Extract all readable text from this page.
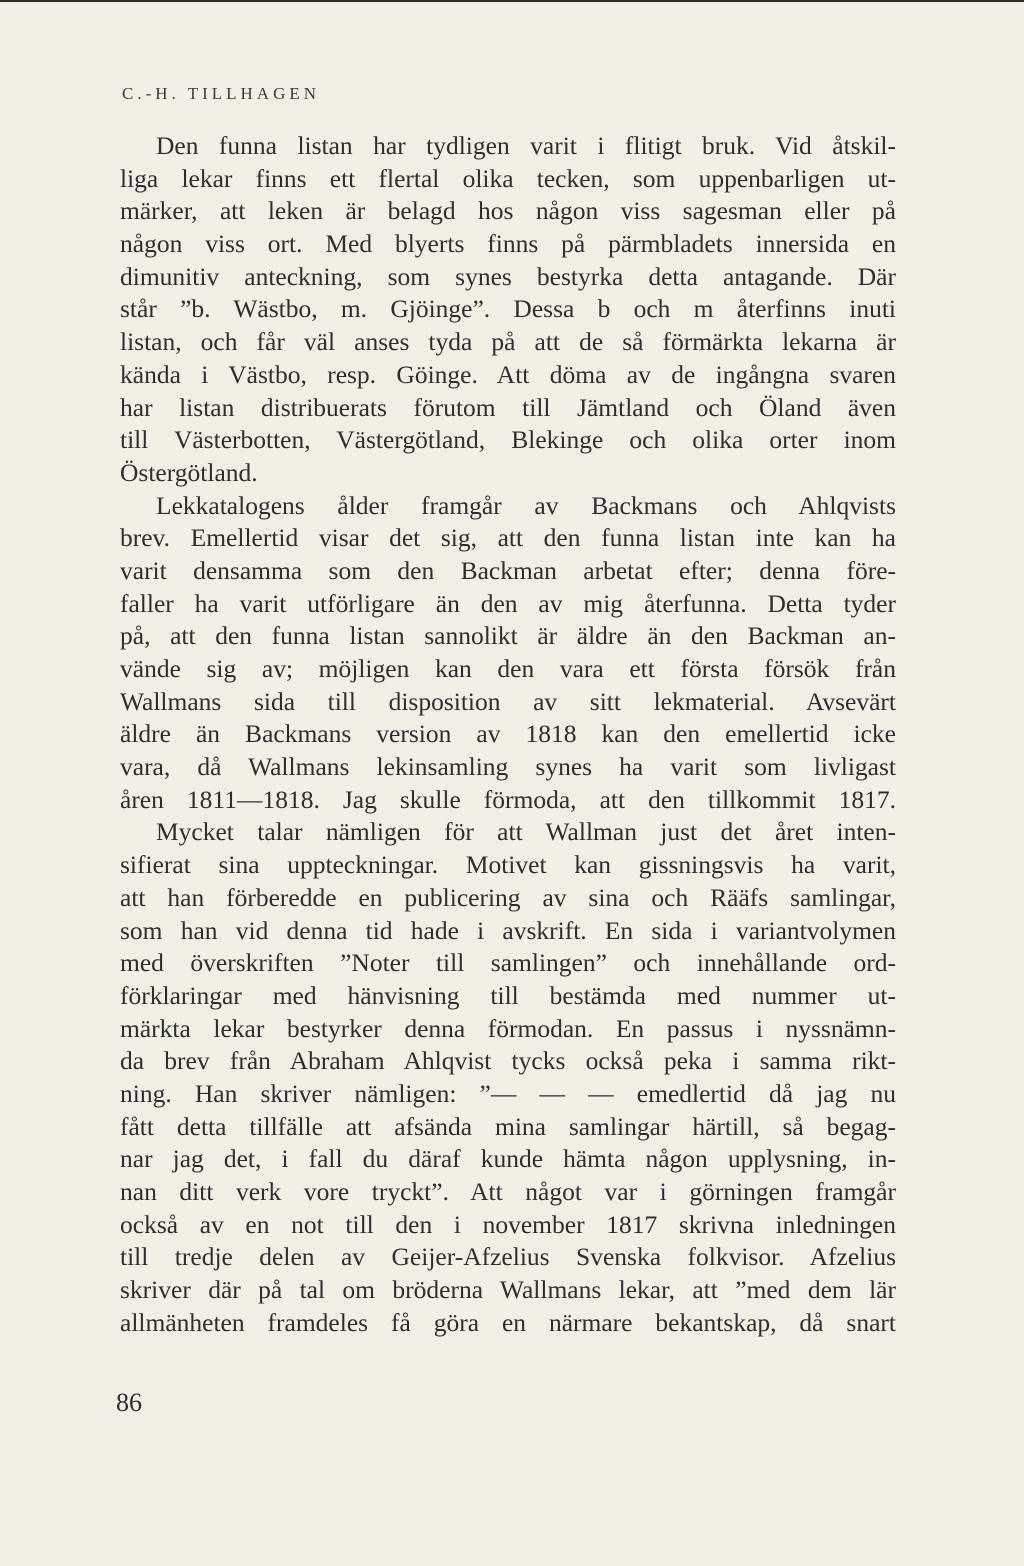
C.-H. TILLHAGEN
Den funna listan har tydligen varit i flitigt bruk. Vid åtskil-
liga lekar finns ett flertal olika tecken, som uppenbarligen ut-
märker, att leken är belagd hos någon viss sagesman eller på
någon viss ort. Med blyerts finns på pärmbladets innersida en
dimunitiv anteckning, som synes bestyrka detta antagande. Där
står ”b. Wästbo, m. Gjöinge”. Dessa b och m återfinns inuti
listan, och får väl anses tyda på att de så förmärkta lekarna är
kända i Västbo, resp. Göinge. Att döma av de ingångna svaren
har listan distribuerats förutom till Jämtland och Öland även
till Västerbotten, Västergötland, Blekinge och olika orter inom
Östergötland.
Lekkatalogens ålder framgår av Backmans och Ahlqvists
brev. Emellertid visar det sig, att den funna listan inte kan ha
varit densamma som den Backman arbetat efter; denna före-
faller ha varit utförligare än den av mig återfunna. Detta tyder
på, att den funna listan sannolikt är äldre än den Backman an-
vände sig av; möjligen kan den vara ett första försök från
Wallmans sida till disposition av sitt lekmaterial. Avsevärt
äldre än Backmans version av 1818 kan den emellertid icke
vara, då Wallmans lekinsamling synes ha varit som livligast
åren 1811—1818. Jag skulle förmoda, att den tillkommit 1817.
Mycket talar nämligen för att Wallman just det året inten-
sifierat sina uppteckningar. Motivet kan gissningsvis ha varit,
att han förberedde en publicering av sina och Rääfs samlingar,
som han vid denna tid hade i avskrift. En sida i variantvolymen
med överskriften ”Noter till samlingen” och innehållande ord-
förklaringar med hänvisning till bestämda med nummer ut-
märkta lekar bestyrker denna förmodan. En passus i nyssnämn-
da brev från Abraham Ahlqvist tycks också peka i samma rikt-
ning. Han skriver nämligen: ”— — — emedlertid då jag nu
fått detta tillfälle att afsända mina samlingar härtill, så begag-
nar jag det, i fall du däraf kunde hämta någon upplysning, in-
nan ditt verk vore tryckt”. Att något var i görningen framgår
också av en not till den i november 1817 skrivna inledningen
till tredje delen av Geijer-Afzelius Svenska folkvisor. Afzelius
skriver där på tal om bröderna Wallmans lekar, att ”med dem lär
allmänheten framdeles få göra en närmare bekantskap, då snart
86
